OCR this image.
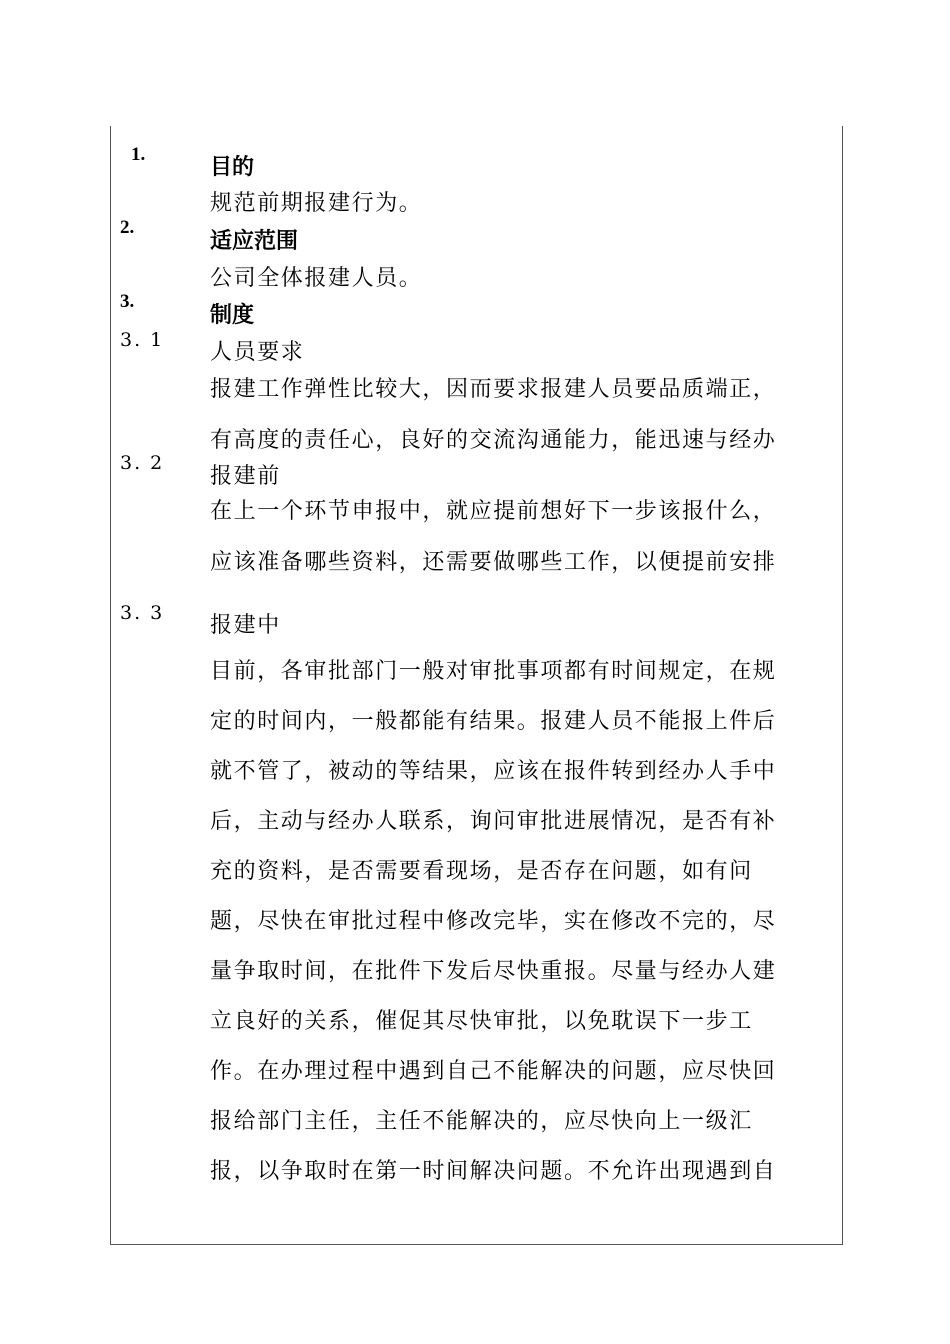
1.
目的
规范前期报建行为。
2.
适应范围
公司全体报建人员。
3.
制度
3. 1 人员要求
报建工作弹性比较大，因而要求报建人员要品质端正，
有高度的责任心，良好的交流沟通能力，能迅速与经办
3. 2
报建前
在上一个环节申报中，就应提前想好下一步该报什么，
应该准备哪些资料，还需要做哪些工作，以便提前安排
3. 3 报建中
目前，各审批部门一般对审批事项都有时间规定，在规
定的时间内，一般都能有结果。报建人员不能报上件后
就不管了，被动的等结果，应该在报件转到经办人手中
后，主动与经办人联系，询问审批进展情况，是否有补
充的资料，是否需要看现场，是否存在问题，如有问
题，尽快在审批过程中修改完毕，实在修改不完的，尽
量争取时间，在批件下发后尽快重报。尽量与经办人建
立良好的关系，催促其尽快审批，以免耽误下一步工
作。在办理过程中遇到自己不能解决的问题，应尽快回
报给部门主任，主任不能解决的，应尽快向上一级汇
报，以争取时在第一时间解决问题。不允许出现遇到自
